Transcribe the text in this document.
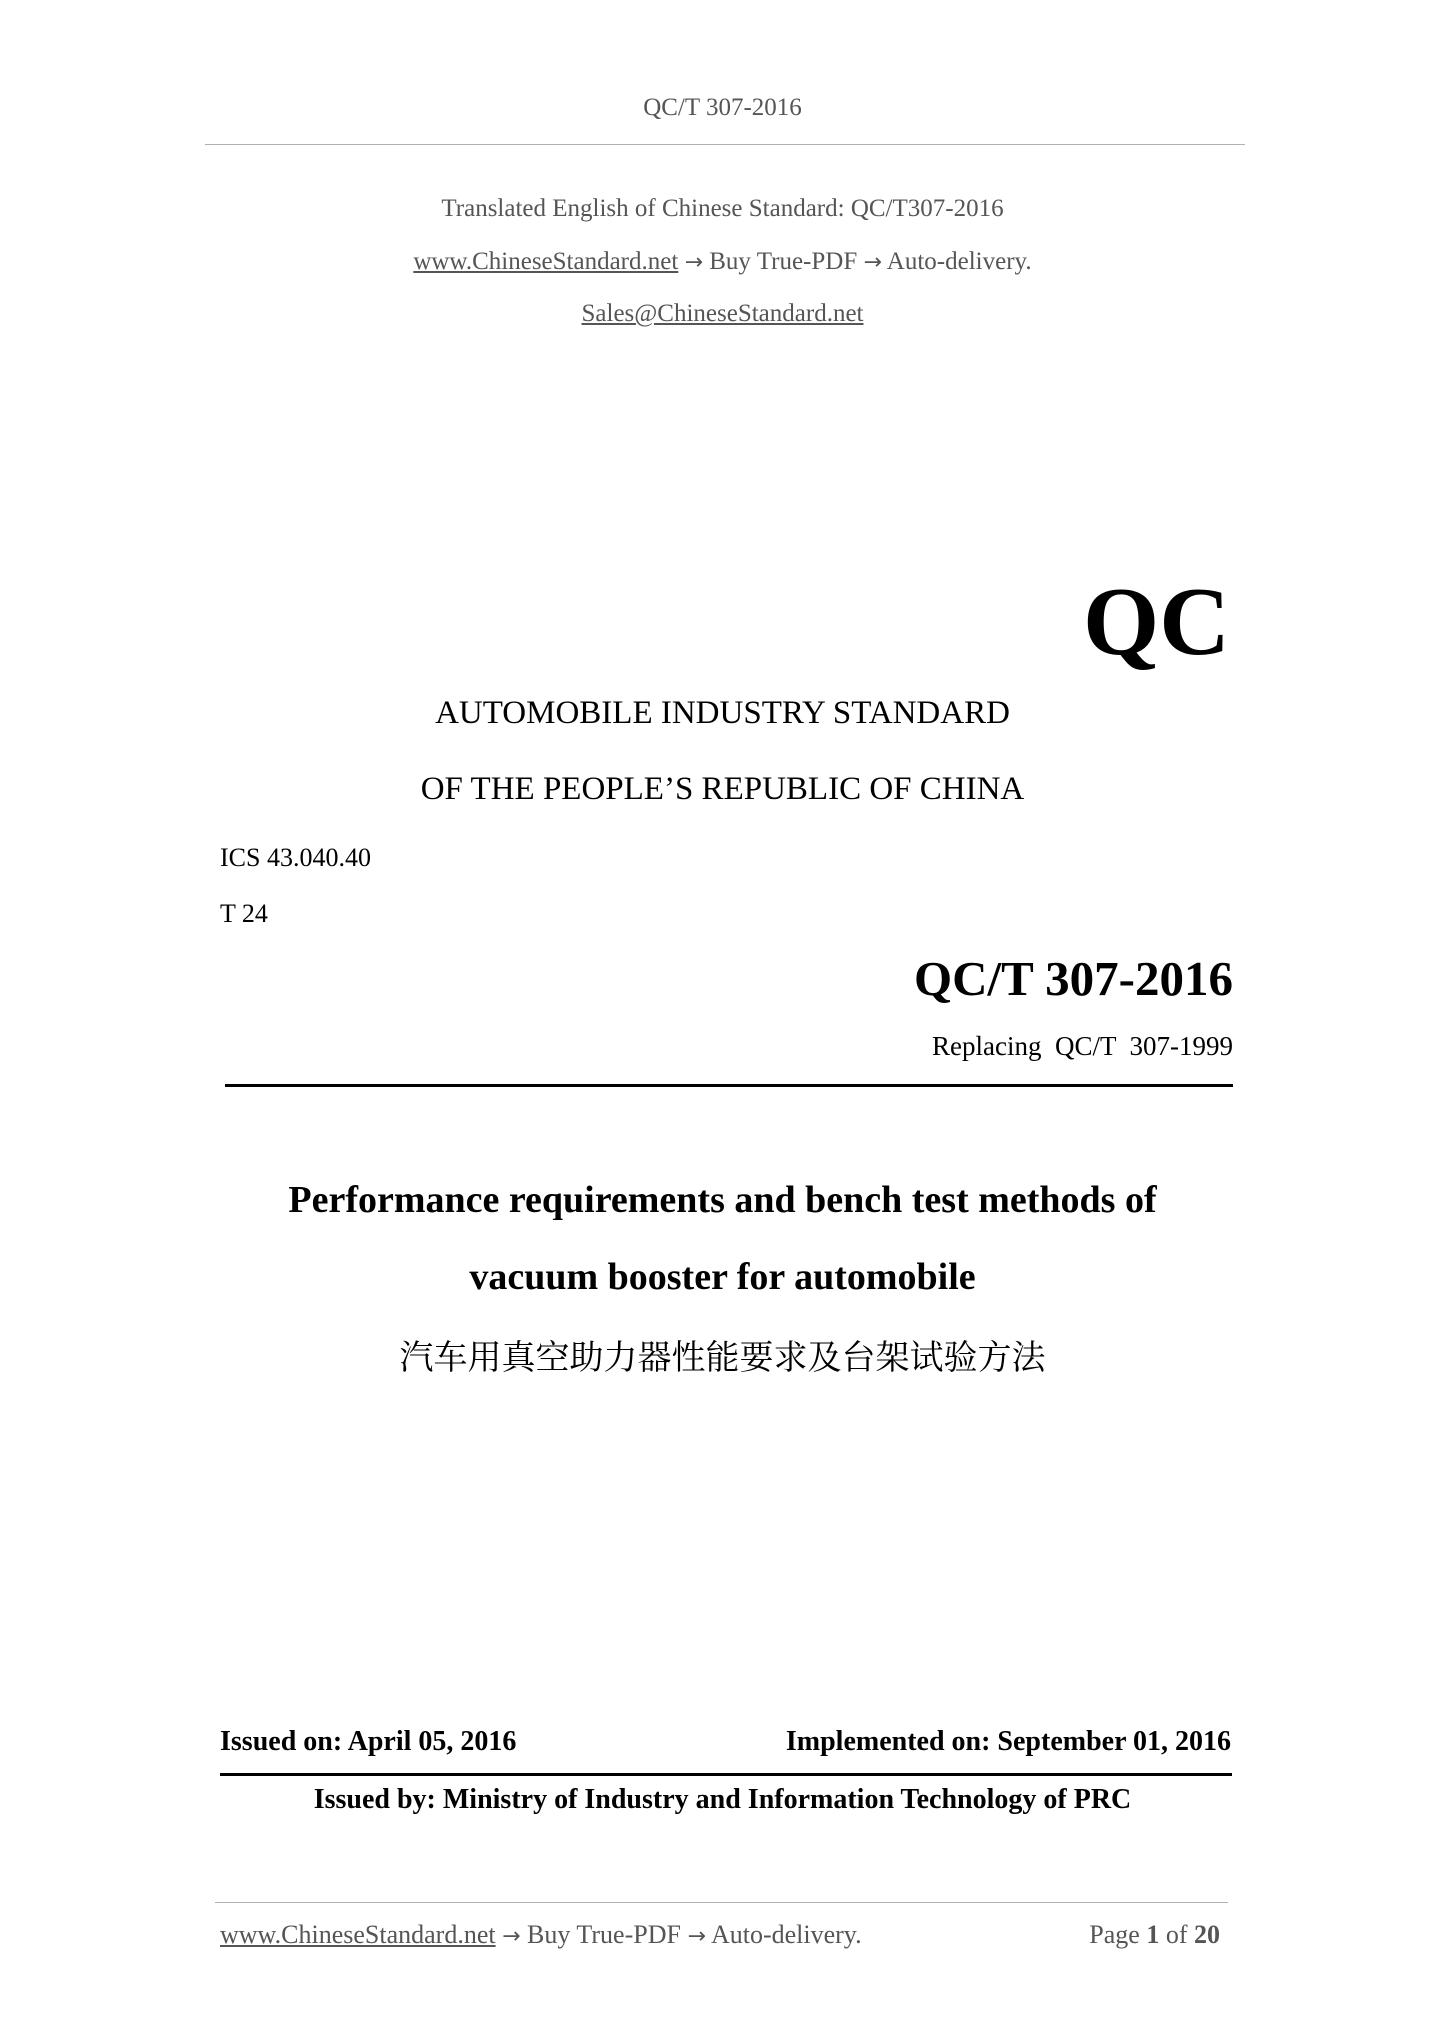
QC/T 307-2016
Translated English of Chinese Standard: QC/T307-2016
www.ChineseStandard.net → Buy True-PDF → Auto-delivery.
Sales@ChineseStandard.net
QC
AUTOMOBILE INDUSTRY STANDARD
OF THE PEOPLE’S REPUBLIC OF CHINA
ICS 43.040.40
T 24
QC/T 307-2016
Replacing  QC/T  307-1999
Performance requirements and bench test methods of
vacuum booster for automobile
汽车用真空助力器性能要求及台架试验方法
Issued on: April 05, 2016	Implemented on: September 01, 2016
Issued by: Ministry of Industry and Information Technology of PRC
www.ChineseStandard.net → Buy True-PDF → Auto-delivery.	Page 1 of 20
